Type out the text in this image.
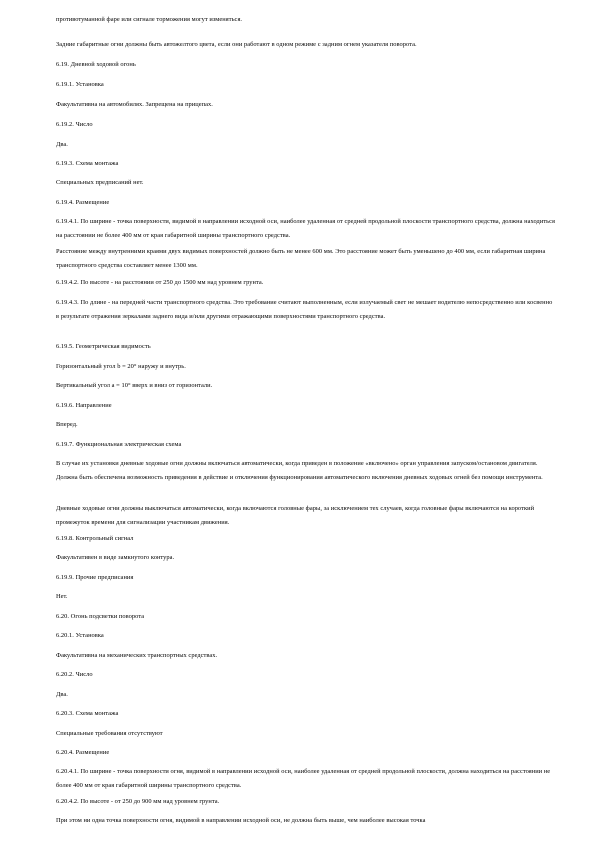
противотуманной фаре или сигнале торможения могут изменяться.
Задние габаритные огни должны быть автожелтого цвета, если они работают в одном режиме с задним огнем указателя поворота.
6.19. Дневной ходовой огонь
6.19.1. Установка
Факультативна на автомобилях. Запрещена на прицепах.
6.19.2. Число
Два.
6.19.3. Схема монтажа
Специальных предписаний нет.
6.19.4. Размещение
6.19.4.1. По ширине - точка поверхности, видимой в направлении исходной оси, наиболее удаленная от средней продольной плоскости транспортного средства, должна находиться на расстоянии не более 400 мм от края габаритной ширины транспортного средства.
Расстояние между внутренними краями двух видимых поверхностей должно быть не менее 600 мм. Это расстояние может быть уменьшено до 400 мм, если габаритная ширина транспортного средства составляет менее 1300 мм.
6.19.4.2. По высоте - на расстоянии от 250 до 1500 мм над уровнем грунта.
6.19.4.3. По длине - на передней части транспортного средства. Это требование считают выполненным, если излучаемый свет не мешает водителю непосредственно или косвенно в результате отражения зеркалами заднего вида и/или другими отражающими поверхностями транспортного средства.
6.19.5. Геометрическая видимость
Горизонтальный угол b = 20° наружу и внутрь.
Вертикальный угол a = 10° вверх и вниз от горизонтали.
6.19.6. Направление
Вперед.
6.19.7. Функциональная электрическая схема
В случае их установки дневные ходовые огни должны включаться автоматически, когда приведен в положение «включено» орган управления запуском/остановом двигателя. Должна быть обеспечена возможность приведения в действие и отключения функционирования автоматического включения дневных ходовых огней без помощи инструмента.
Дневные ходовые огни должны выключаться автоматически, когда включаются головные фары, за исключением тех случаев, когда головные фары включаются на короткий промежуток времени для сигнализации участникам движения.
6.19.8. Контрольный сигнал
Факультативен в виде замкнутого контура.
6.19.9. Прочие предписания
Нет.
6.20. Огонь подсветки поворота
6.20.1. Установка
Факультативна на механических транспортных средствах.
6.20.2. Число
Два.
6.20.3. Схема монтажа
Специальные требования отсутствуют
6.20.4. Размещение
6.20.4.1. По ширине - точка поверхности огня, видимой в направлении исходной оси, наиболее удаленная от средней продольной плоскости, должна находиться на расстоянии не более 400 мм от края габаритной ширины транспортного средства.
6.20.4.2. По высоте - от 250 до 900 мм над уровнем грунта.
При этом ни одна точка поверхности огня, видимой в направлении исходной оси, не должна быть выше, чем наиболее высокая точка
